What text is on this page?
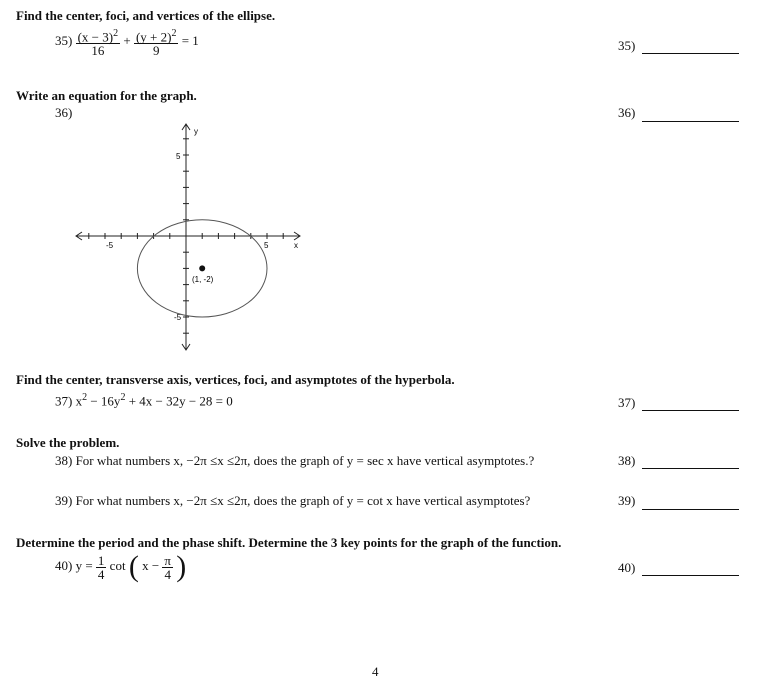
Find the center, foci, and vertices of the ellipse.
$35) \frac{(x - 3)^2}{16} + \frac{(y + 2)^2}{9} = 1$	35)
Write an equation for the graph.
36)	36)
x
y
-5	5
5
-5
(1, -2)
Find the center, transverse axis, vertices, foci, and asymptotes of the hyperbola.
37) $x^2 - 16y^2 + 4x - 32y - 28 = 0$	37)
Solve the problem.
38) For what numbers x, −2π ≤x ≤2π, does the graph of y = sec x have vertical asymptotes.?	38)
39) For what numbers x, −2π ≤x ≤2π, does the graph of y = cot x have vertical asymptotes?	39)
Determine the period and the phase shift. Determine the 3 key points for the graph of the function.
40) $y = \frac{1}{4}$ cot ( $x - \frac{\pi}{4}$ )	40)
4
